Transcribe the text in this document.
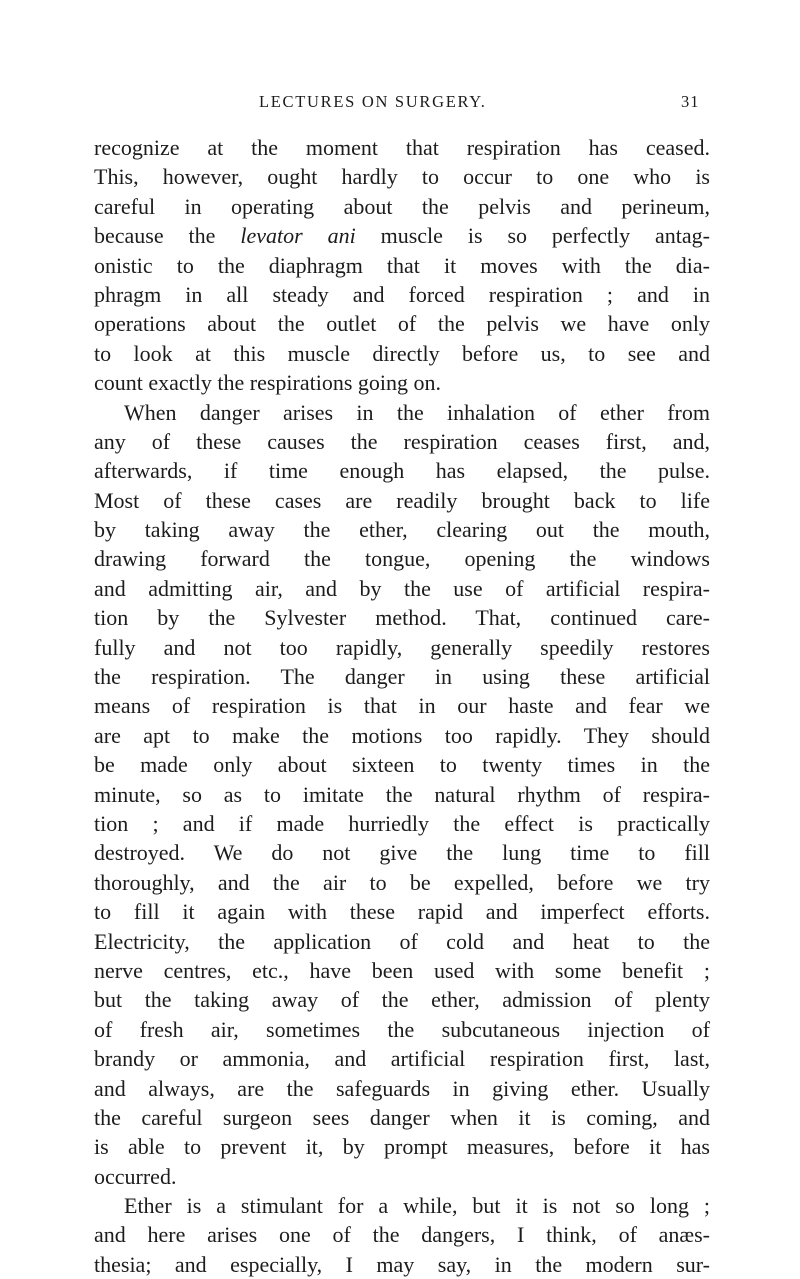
LECTURES ON SURGERY.	31
recognize at the moment that respiration has ceased.
This, however, ought hardly to occur to one who is
careful in operating about the pelvis and perineum,
because the levator ani muscle is so perfectly antag-
onistic to the diaphragm that it moves with the dia-
phragm in all steady and forced respiration ; and in
operations about the outlet of the pelvis we have only
to look at this muscle directly before us, to see and
count exactly the respirations going on.
When danger arises in the inhalation of ether from
any of these causes the respiration ceases first, and,
afterwards, if time enough has elapsed, the pulse.
Most of these cases are readily brought back to life
by taking away the ether, clearing out the mouth,
drawing forward the tongue, opening the windows
and admitting air, and by the use of artificial respira-
tion by the Sylvester method. That, continued care-
fully and not too rapidly, generally speedily restores
the respiration. The danger in using these artificial
means of respiration is that in our haste and fear we
are apt to make the motions too rapidly. They should
be made only about sixteen to twenty times in the
minute, so as to imitate the natural rhythm of respira-
tion ; and if made hurriedly the effect is practically
destroyed. We do not give the lung time to fill
thoroughly, and the air to be expelled, before we try
to fill it again with these rapid and imperfect efforts.
Electricity, the application of cold and heat to the
nerve centres, etc., have been used with some benefit ;
but the taking away of the ether, admission of plenty
of fresh air, sometimes the subcutaneous injection of
brandy or ammonia, and artificial respiration first, last,
and always, are the safeguards in giving ether. Usually
the careful surgeon sees danger when it is coming, and
is able to prevent it, by prompt measures, before it has
occurred.
Ether is a stimulant for a while, but it is not so long ;
and here arises one of the dangers, I think, of anæs-
thesia; and especially, I may say, in the modern sur-
